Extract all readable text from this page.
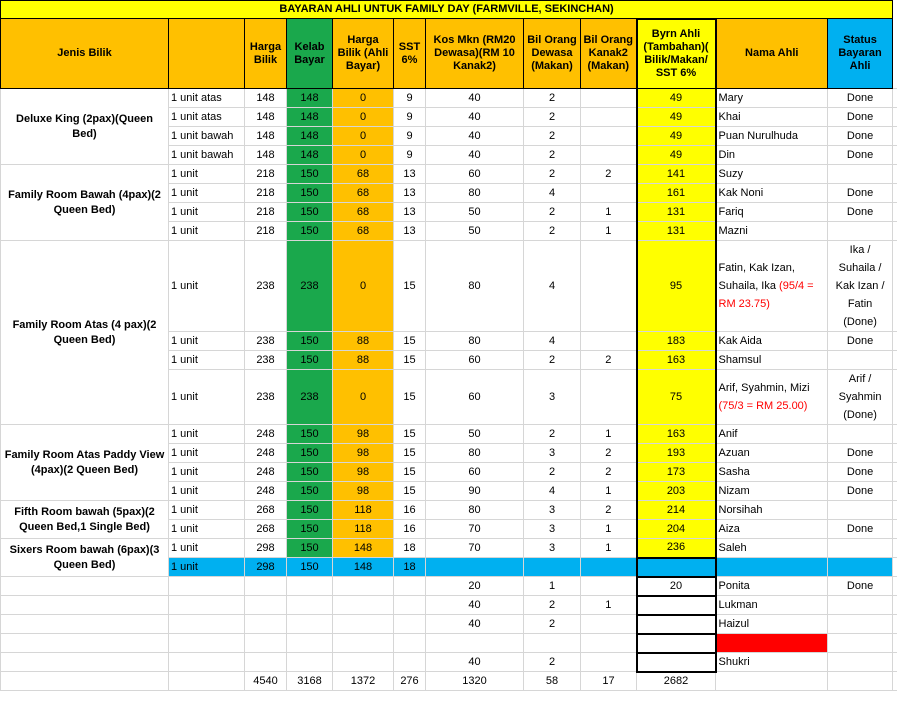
BAYARAN AHLI UNTUK FAMILY DAY (FARMVILLE, SEKINCHAN)												
Jenis Bilik		Harga Bilik	Kelab Bayar	Harga Bilik (Ahli Bayar)	SST 6%	Kos Mkn (RM20 Dewasa)(RM 10 Kanak2)	Bil Orang Dewasa (Makan)	Bil Orang Kanak2 (Makan)	Byrn Ahli (Tambahan)( Bilik/Makan/ SST 6%	Nama Ahli	Status Bayaran Ahli	
Deluxe King (2pax)(Queen Bed)	1 unit atas	148	148	0	9	40	2		49	Mary	Done	
	1 unit atas	148	148	0	9	40	2		49	Khai	Done	
	1 unit bawah	148	148	0	9	40	2		49	Puan Nurulhuda	Done	
	1 unit bawah	148	148	0	9	40	2		49	Din	Done	
Family Room Bawah (4pax)(2 Queen Bed)	1 unit	218	150	68	13	60	2	2	141	Suzy		
	1 unit	218	150	68	13	80	4		161	Kak Noni	Done	
	1 unit	218	150	68	13	50	2	1	131	Fariq	Done	
	1 unit	218	150	68	13	50	2	1	131	Mazni		
Family Room Atas (4 pax)(2 Queen Bed)	1 unit	238	238	0	15	80	4		95	Fatin, Kak Izan, Suhaila, Ika (95/4 = RM 23.75)	Ika / Suhaila / Kak Izan / Fatin (Done)	
	1 unit	238	150	88	15	80	4		183	Kak Aida	Done	
	1 unit	238	150	88	15	60	2	2	163	Shamsul		
	1 unit	238	238	0	15	60	3		75	Arif, Syahmin, Mizi (75/3 = RM 25.00)	Arif / Syahmin (Done)	
Family Room Atas Paddy View (4pax)(2 Queen Bed)	1 unit	248	150	98	15	50	2	1	163	Anif		
	1 unit	248	150	98	15	80	3	2	193	Azuan	Done	
	1 unit	248	150	98	15	60	2	2	173	Sasha	Done	
	1 unit	248	150	98	15	90	4	1	203	Nizam	Done	
Fifth Room bawah (5pax)(2 Queen Bed,1 Single Bed)	1 unit	268	150	118	16	80	3	2	214	Norsihah		
	1 unit	268	150	118	16	70	3	1	204	Aiza	Done	
Sixers Room bawah (6pax)(3 Queen Bed)	1 unit	298	150	148	18	70	3	1	236	Saleh		
	1 unit	298	150	148	18							
						20	1		20	Ponita	Done	
						40	2	1		Lukman		
						40	2			Haizul		
										Othman		
						40	2			Shukri		
		4540	3168	1372	276	1320	58	17	2682			
